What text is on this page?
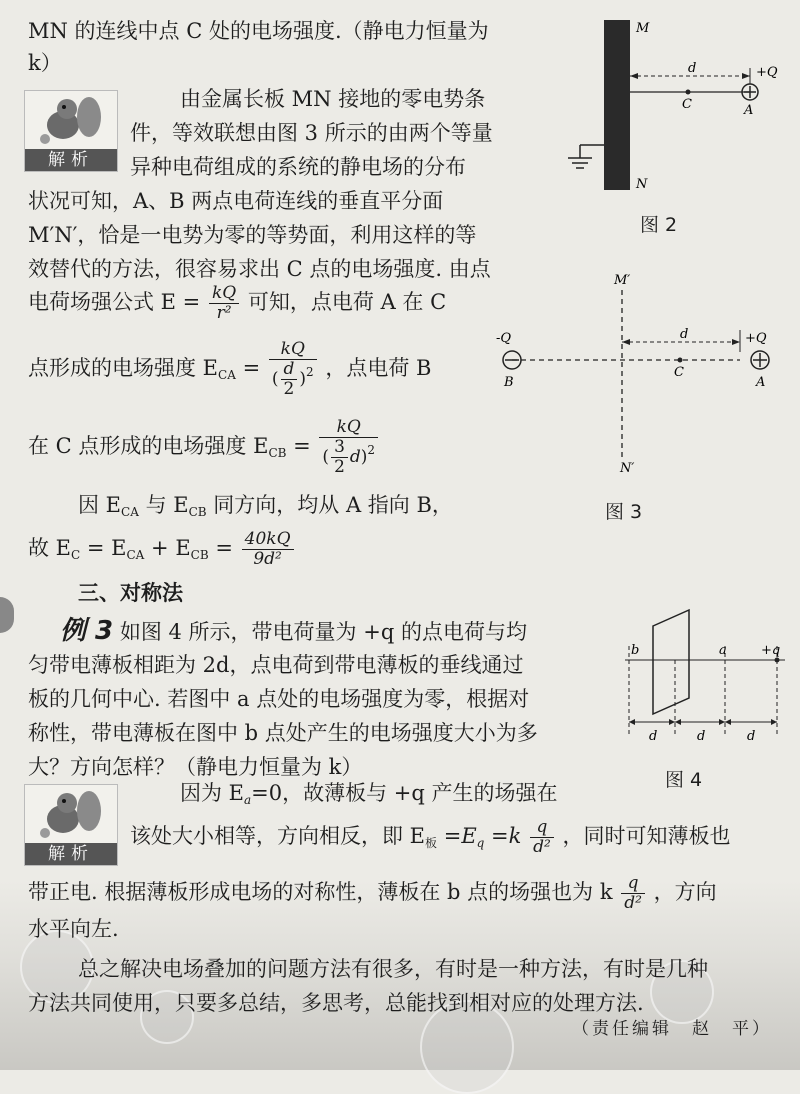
MN 的连线中点 C 处的电场强度.（静电力恒量为
k）
解析
由金属长板 MN 接地的零电势条
件，等效联想由图 3 所示的由两个等量
异种电荷组成的系统的静电场的分布
状况可知，A、B 两点电荷连线的垂直平分面
M′N′，恰是一电势为零的等势面，利用这样的等
效替代的方法，很容易求出 C 点的电场强度. 由点
电荷场强公式 $E = \frac{kQ}{\text{r²}}$ 可知，点电荷 A 在 C
点形成的电场强度 $E_{CA} = \frac{kQ}{( \frac{d}{2} )^2}$ ，点电荷 B
在 C 点形成的电场强度 $E_{CB} = \frac{kQ}{( \frac{3}{2} d)^2}$
因 $E_{CA}$ 与 $E_{CB}$ 同方向，均从 A 指向 B，
故 $E_C = E_{CA} + E_{CB} = \frac{40kQ}{\text{9d²}}$
三、对称法
例 3 如图 4 所示，带电荷量为 +q 的点电荷与均
匀带电薄板相距为 2d，点电荷到带电薄板的垂线通过
板的几何中心. 若图中 a 点处的电场强度为零，根据对
称性，带电薄板在图中 b 点处产生的电场强度大小为多
大？方向怎样？（静电力恒量为 k）
解析
因为 $E_a=0$，故薄板与 +q 产生的场强在
该处大小相等，方向相反，即 $E_板 =E_q =k \frac{q}{\text{d²}}$ ，同时可知薄板也
带正电. 根据薄板形成电场的对称性，薄板在 b 点的场强也为 k $\frac{q}{\text{d²}}$ ，方向
水平向左.
总之解决电场叠加的问题方法有很多，有时是一种方法，有时是几种
方法共同使用，只要多总结，多思考，总能找到相对应的处理方法.
（责任编辑　赵　平）
M
N
d
C
+Q
A
图 2
M′
N′
-Q
B
d
C
+Q
A
图 3
b	a	+q
d	d	d
图 4
